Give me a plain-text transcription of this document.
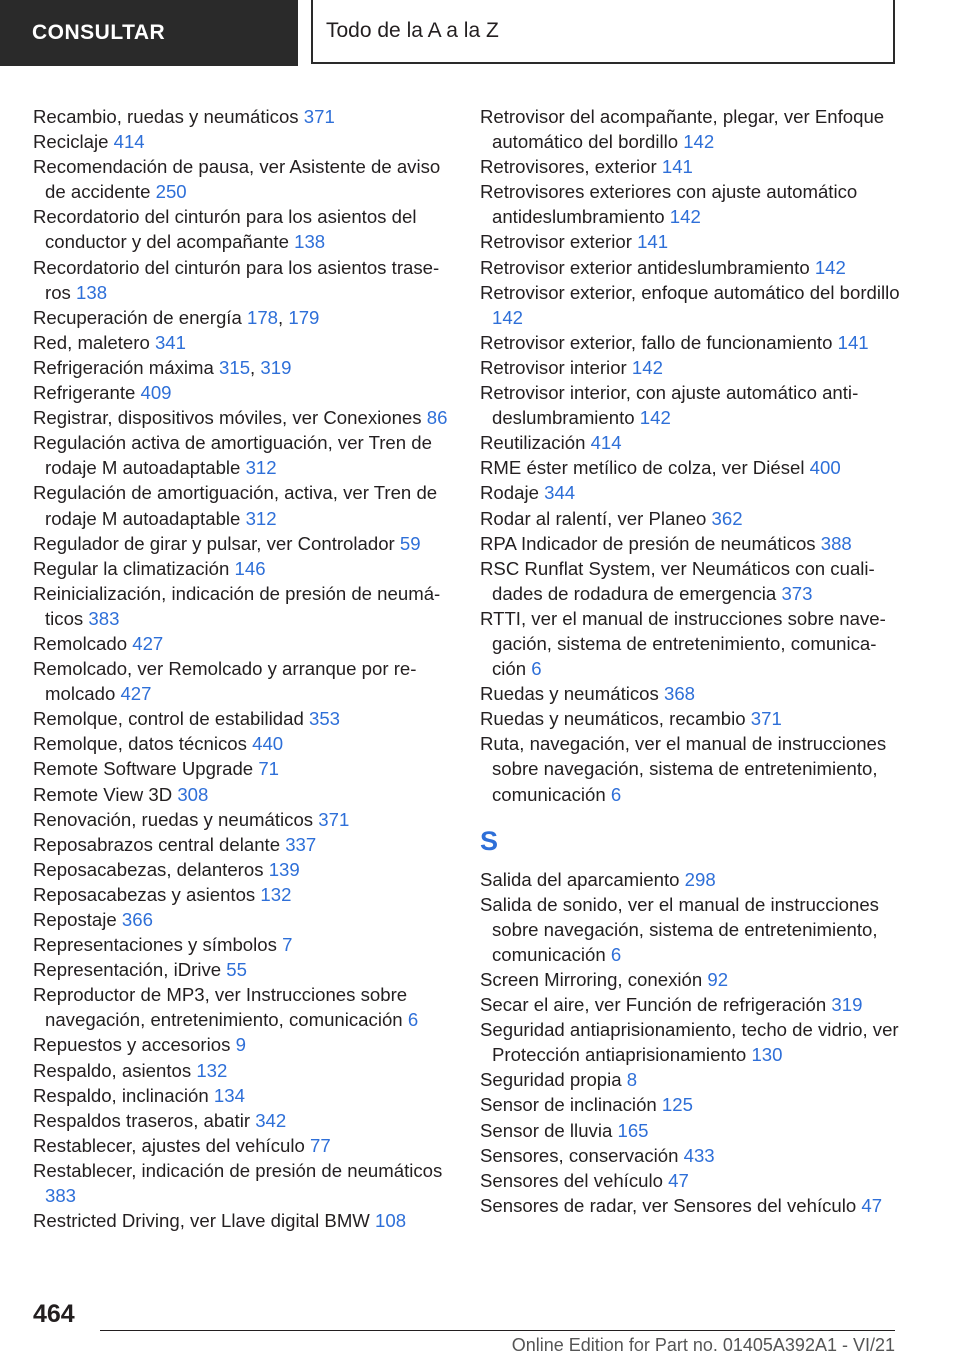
CONSULTAR	Todo de la A a la Z
Recambio, ruedas y neumáticos 371
Reciclaje 414
Recomendación de pausa, ver Asistente de aviso de accidente 250
Recordatorio del cinturón para los asientos del conductor y del acompañante 138
Recordatorio del cinturón para los asientos traseros 138
Recuperación de energía 178, 179
Red, maletero 341
Refrigeración máxima 315, 319
Refrigerante 409
Registrar, dispositivos móviles, ver Conexiones 86
Regulación activa de amortiguación, ver Tren de rodaje M autoadaptable 312
Regulación de amortiguación, activa, ver Tren de rodaje M autoadaptable 312
Regulador de girar y pulsar, ver Controlador 59
Regular la climatización 146
Reinicialización, indicación de presión de neumáticos 383
Remolcado 427
Remolcado, ver Remolcado y arranque por remolcado 427
Remolque, control de estabilidad 353
Remolque, datos técnicos 440
Remote Software Upgrade 71
Remote View 3D 308
Renovación, ruedas y neumáticos 371
Reposabrazos central delante 337
Reposacabezas, delanteros 139
Reposacabezas y asientos 132
Repostaje 366
Representaciones y símbolos 7
Representación, iDrive 55
Reproductor de MP3, ver Instrucciones sobre navegación, entretenimiento, comunicación 6
Repuestos y accesorios 9
Respaldo, asientos 132
Respaldo, inclinación 134
Respaldos traseros, abatir 342
Restablecer, ajustes del vehículo 77
Restablecer, indicación de presión de neumáticos 383
Restricted Driving, ver Llave digital BMW 108
Retrovisor del acompañante, plegar, ver Enfoque automático del bordillo 142
Retrovisores, exterior 141
Retrovisores exteriores con ajuste automático antideslumbramiento 142
Retrovisor exterior 141
Retrovisor exterior antideslumbramiento 142
Retrovisor exterior, enfoque automático del bordillo 142
Retrovisor exterior, fallo de funcionamiento 141
Retrovisor interior 142
Retrovisor interior, con ajuste automático antideslumbramiento 142
Reutilización 414
RME éster metílico de colza, ver Diésel 400
Rodaje 344
Rodar al ralentí, ver Planeo 362
RPA Indicador de presión de neumáticos 388
RSC Runflat System, ver Neumáticos con cualidades de rodadura de emergencia 373
RTTI, ver el manual de instrucciones sobre navegación, sistema de entretenimiento, comunicación 6
Ruedas y neumáticos 368
Ruedas y neumáticos, recambio 371
Ruta, navegación, ver el manual de instrucciones sobre navegación, sistema de entretenimiento, comunicación 6
S
Salida del aparcamiento 298
Salida de sonido, ver el manual de instrucciones sobre navegación, sistema de entretenimiento, comunicación 6
Screen Mirroring, conexión 92
Secar el aire, ver Función de refrigeración 319
Seguridad antiaprisionamiento, techo de vidrio, ver Protección antiaprisionamiento 130
Seguridad propia 8
Sensor de inclinación 125
Sensor de lluvia 165
Sensores, conservación 433
Sensores del vehículo 47
Sensores de radar, ver Sensores del vehículo 47
464
Online Edition for Part no. 01405A392A1 - VI/21
